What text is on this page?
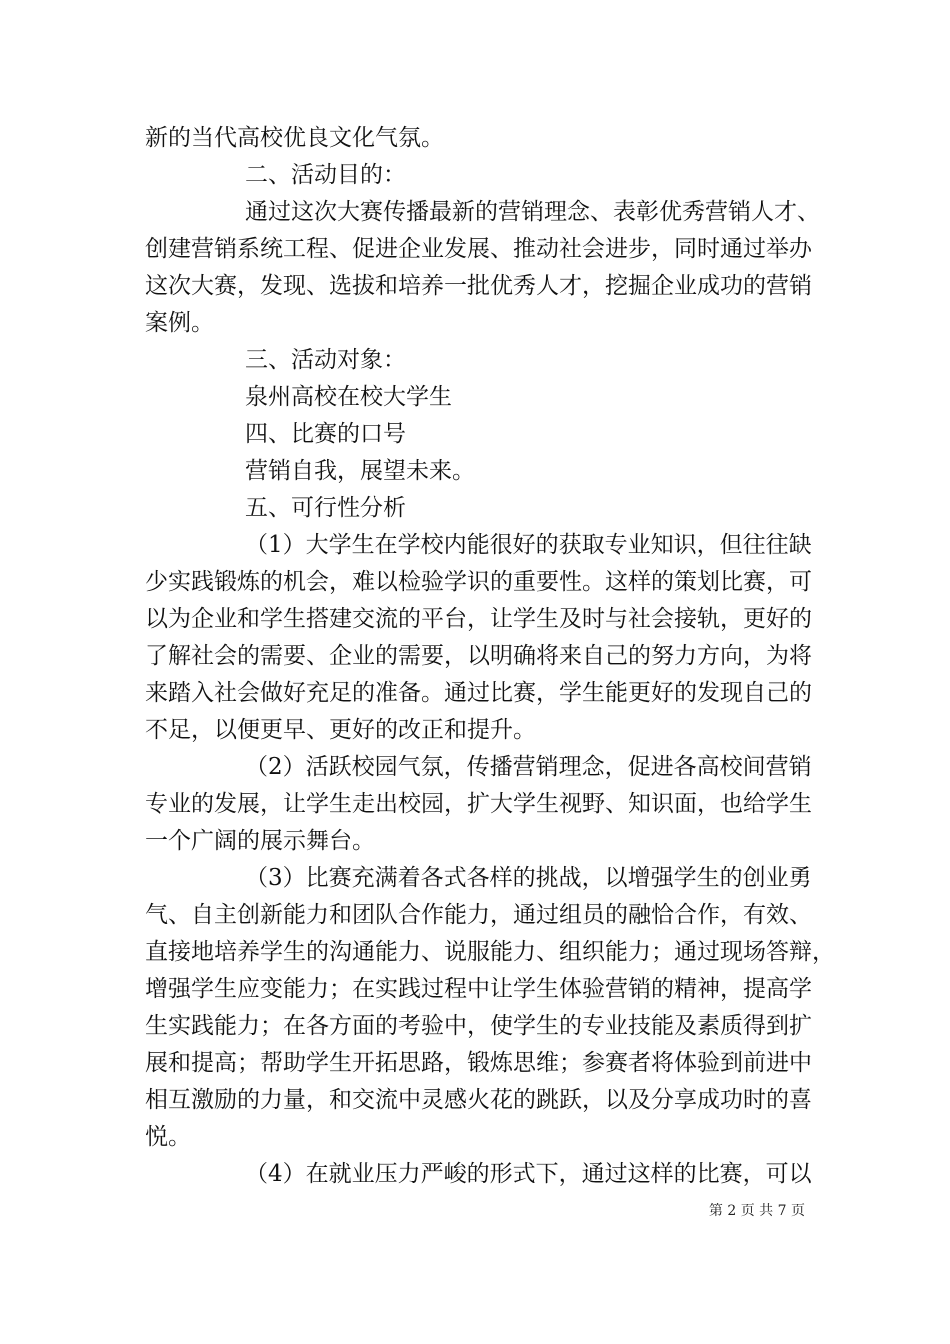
新的当代高校优良文化气氛。
二、活动目的：
通过这次大赛传播最新的营销理念、表彰优秀营销人才、
创建营销系统工程、促进企业发展、推动社会进步，同时通过举办
这次大赛，发现、选拔和培养一批优秀人才，挖掘企业成功的营销
案例。
三、活动对象：
泉州高校在校大学生
四、比赛的口号
营销自我，展望未来。
五、可行性分析
（1）大学生在学校内能很好的获取专业知识，但往往缺
少实践锻炼的机会，难以检验学识的重要性。这样的策划比赛，可
以为企业和学生搭建交流的平台，让学生及时与社会接轨，更好的
了解社会的需要、企业的需要，以明确将来自己的努力方向，为将
来踏入社会做好充足的准备。通过比赛，学生能更好的发现自己的
不足，以便更早、更好的改正和提升。
（2）活跃校园气氛，传播营销理念，促进各高校间营销
专业的发展，让学生走出校园，扩大学生视野、知识面，也给学生
一个广阔的展示舞台。
（3）比赛充满着各式各样的挑战，以增强学生的创业勇
气、自主创新能力和团队合作能力，通过组员的融恰合作，有效、
直接地培养学生的沟通能力、说服能力、组织能力；通过现场答辩，
增强学生应变能力；在实践过程中让学生体验营销的精神，提高学
生实践能力；在各方面的考验中，使学生的专业技能及素质得到扩
展和提高；帮助学生开拓思路，锻炼思维；参赛者将体验到前进中
相互激励的力量，和交流中灵感火花的跳跃，以及分享成功时的喜
悦。
（4）在就业压力严峻的形式下，通过这样的比赛，可以
第 2 页 共 7 页
